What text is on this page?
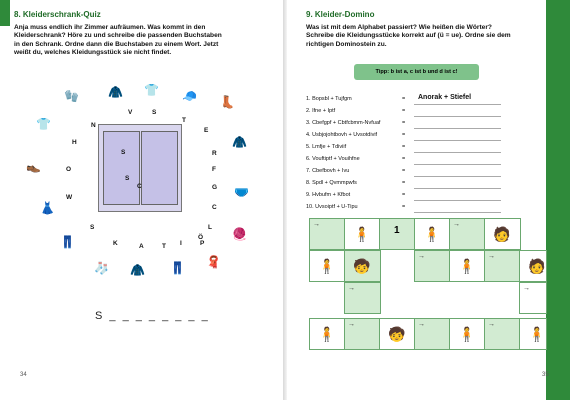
8. Kleiderschrank-Quiz
Anja muss endlich ihr Zimmer aufräumen. Was kommt in den
Kleiderschrank? Höre zu und schreibe die passenden Buchstaben
in den Schrank. Ordne dann die Buchstaben zu einem Wort. Jetzt
weißt du, welches Kleidungsstück sie nicht findet.
🧤 🧥 👕 🧢 👢
👕
🧥
👞
🩲
👗
🧶
👖
🧦 🧥 👖 🧣
N
V	S
T
E
R
O	F
C
W
G
H
L
Ö
S
K	A	T I	P
S
S
C
S _ _ _ _ _ _ _ _
34
9. Kleider-Domino
Was ist mit dem Alphabet passiert? Wie heißen die Wörter?
Schreibe die Kleidungsstücke korrekt auf (ü = ue). Ordne sie dem
richtigen Dominostein zu.
35
Tipp: b ist a, c ist b und d ist c!
1. Bopsbl + Tujfgm	= Anorak + Stiefel
2. Ifne + Iptf	=
3. Cbefgpf + Cbtfcbmm-Nvfuaf	=
4. Usbjojohtbovh + Uvsotdivif	=
5. Lmfje + Tdiviif	=
6. Vouftiptf + Vouihfne	=
7. Cbefbovh + Ivu	=
8. Spdl + Qvmmpwfs	=
9. Hvbufm + Kfbot	=
10. Uvsoiptf + U-Tipu	=
→
🧍 1 🧍
→
🧑
🧍 🧒
→
🧍
→
🧑
→	→
🧍
→
🧒
→
🧍
→
🧍
